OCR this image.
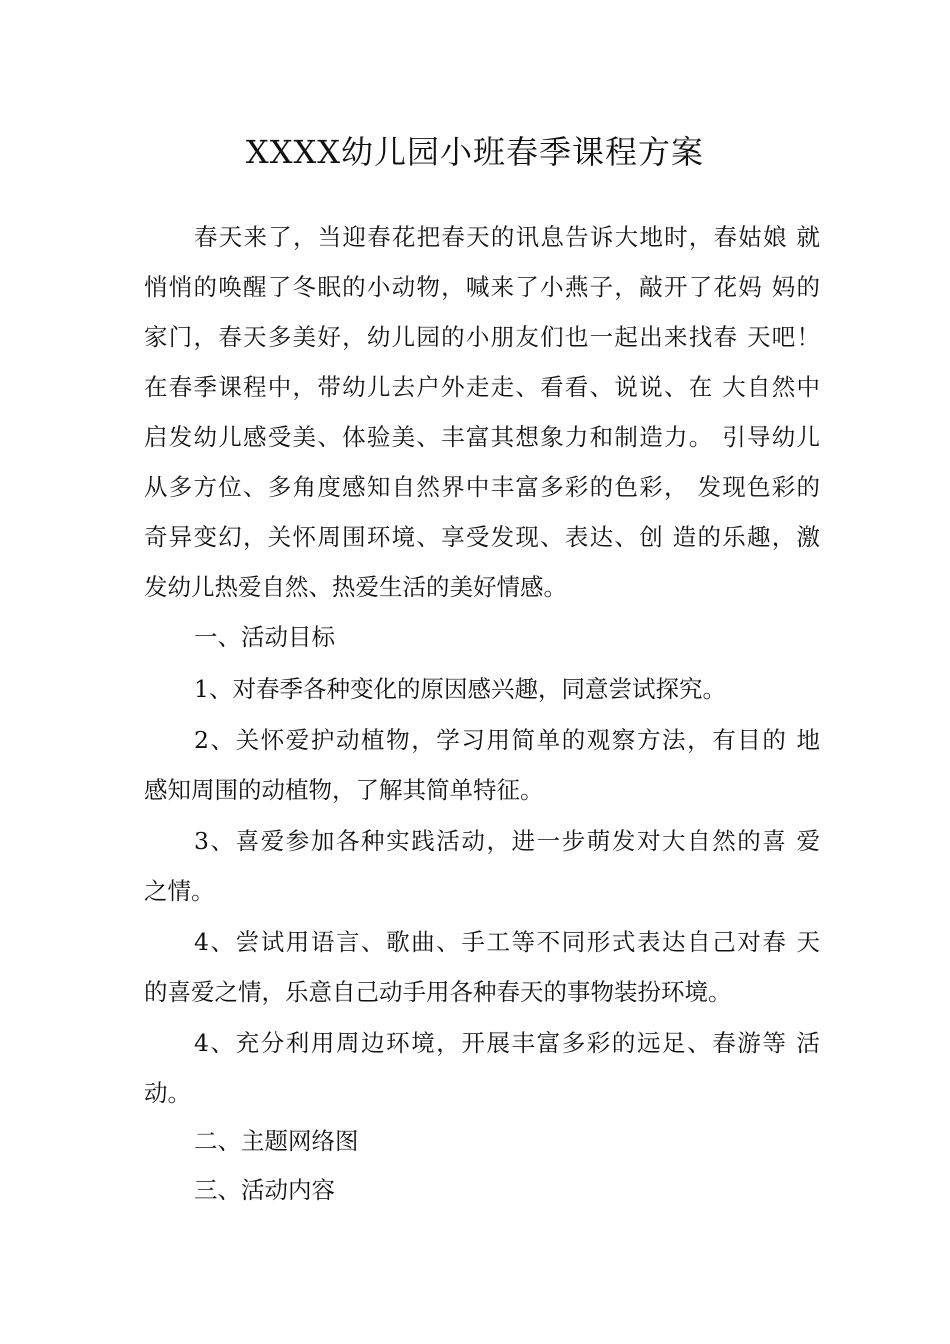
XXXX幼儿园小班春季课程方案
春天来了，当迎春花把春天的讯息告诉大地时，春姑娘 就
悄悄的唤醒了冬眠的小动物，喊来了小燕子，敲开了花妈 妈的
家门，春天多美好，幼儿园的小朋友们也一起出来找春 天吧！
在春季课程中，带幼儿去户外走走、看看、说说、在 大自然中
启发幼儿感受美、体验美、丰富其想象力和制造力。 引导幼儿
从多方位、多角度感知自然界中丰富多彩的色彩， 发现色彩的
奇异变幻，关怀周围环境、享受发现、表达、创 造的乐趣，激
发幼儿热爱自然、热爱生活的美好情感。
一、活动目标
1、对春季各种变化的原因感兴趣，同意尝试探究。
2、关怀爱护动植物，学习用简单的观察方法，有目的 地
感知周围的动植物，了解其简单特征。
3、喜爱参加各种实践活动，进一步萌发对大自然的喜 爱
之情。
4、尝试用语言、歌曲、手工等不同形式表达自己对春 天
的喜爱之情，乐意自己动手用各种春天的事物装扮环境。
4、充分利用周边环境，开展丰富多彩的远足、春游等 活
动。
二、主题网络图
三、活动内容
